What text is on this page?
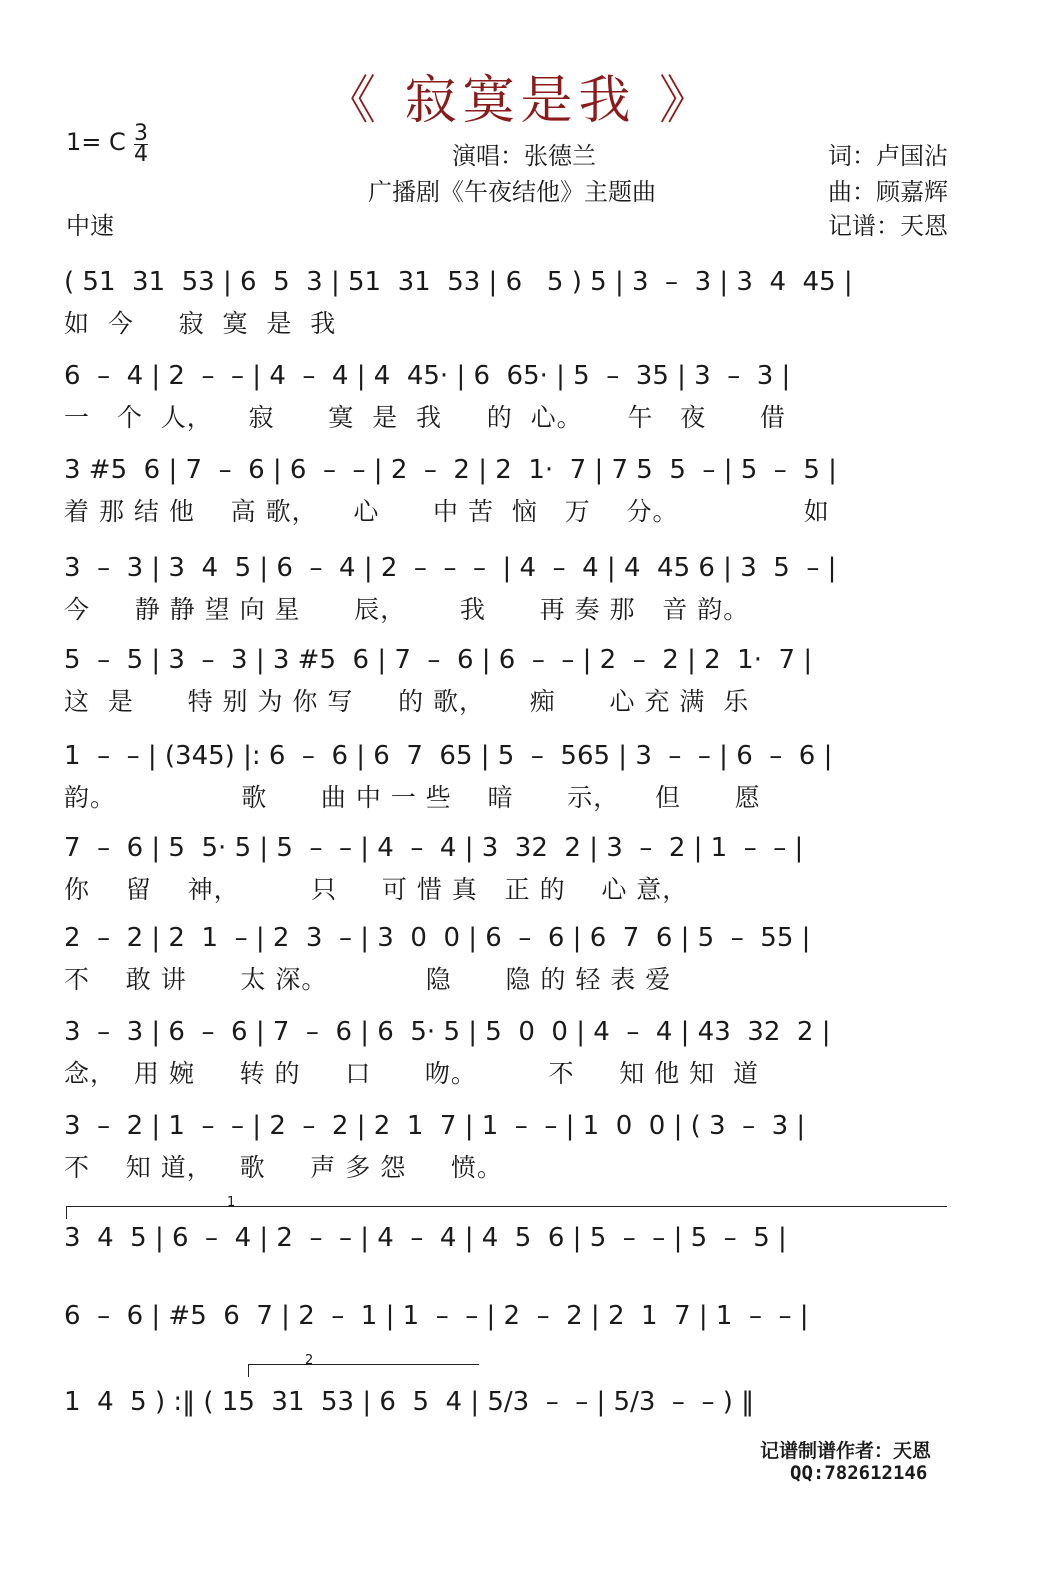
《 寂寞是我 》
1= C 3
4
中速
演唱：张德兰
广播剧《午夜结他》主题曲
词：卢国沾
曲：顾嘉辉
记谱：天恩
( 51  31  53 | 6  5  3 | 51  31  53 | 6   5 ) 5 | 3  –  3 | 3  4  45 |
如  今     寂  寞  是  我
6  –  4 | 2  –  – | 4  –  4 | 4  45· | 6  65· | 5  –  35 | 3  –  3 |
一   个  人，    寂      寞  是  我     的  心。     午   夜      借
3 #5  6 | 7  –  6 | 6  –  – | 2  –  2 | 2  1·  7 | 7 5  5  – | 5  –  5 |
着 那 结 他    高 歌，    心      中 苦  恼   万    分。              如
3  –  3 | 3  4  5 | 6  –  4 | 2  –  –  –  | 4  –  4 | 4  45 6 | 3  5  – |
今     静 静 望 向 星      辰，      我      再 奏 那   音 韵。
5  –  5 | 3  –  3 | 3 #5  6 | 7  –  6 | 6  –  – | 2  –  2 | 2  1·  7 |
这  是      特 别 为 你 写     的 歌，     痴      心 充 满  乐
1  –  – | (345) |: 6  –  6 | 6  7  65 | 5  –  565 | 3  –  – | 6  –  6 |
韵。              歌      曲 中 一 些    暗      示，    但      愿
7  –  6 | 5  5· 5 | 5  –  – | 4  –  4 | 3  32  2 | 3  –  2 | 1  –  – |
你    留    神，        只     可 惜 真   正 的    心 意，
2  –  2 | 2  1  – | 2  3  – | 3  0  0 | 6  –  6 | 6  7  6 | 5  –  55 |
不    敢 讲      太 深。           隐      隐 的 轻 表 爱
3  –  3 | 6  –  6 | 7  –  6 | 6  5· 5 | 5  0  0 | 4  –  4 | 43  32  2 |
念，  用 婉     转 的     口      吻。        不     知 他 知  道
3  –  2 | 1  –  – | 2  –  2 | 2  1  7 | 1  –  – | 1  0  0 | ( 3  –  3 |
不    知 道，   歌     声 多 怨     愤。
3  4  5 | 6  –  4 | 2  –  – | 4  –  4 | 4  5  6 | 5  –  – | 5  –  5 |
6  –  6 | #5  6  7 | 2  –  1 | 1  –  – | 2  –  2 | 2  1  7 | 1  –  – |
1  4  5 ) :‖ ( 15  31  53 | 6  5  4 | 5/3  –  – | 5/3  –  – ) ‖
1
2
记谱制谱作者：天恩
QQ:782612146
